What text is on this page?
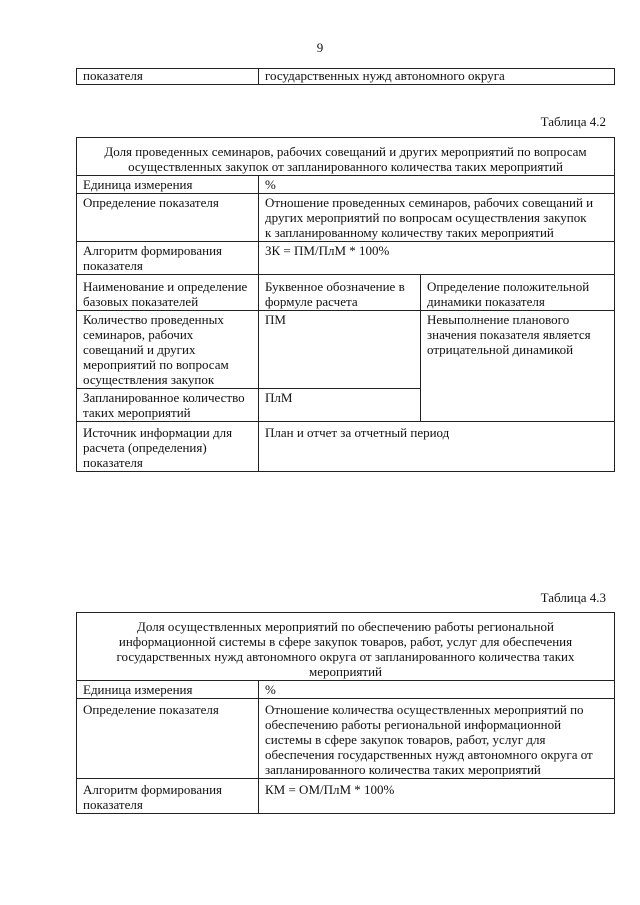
9
показателя	государственных нужд автономного округа
Таблица 4.2
Доля проведенных семинаров, рабочих совещаний и других мероприятий по вопросам осуществленных закупок от запланированного количества таких мероприятий		
Единица измерения	%	
Определение показателя	Отношение проведенных семинаров, рабочих совещаний и других мероприятий по вопросам осуществления закупок к запланированному количеству таких мероприятий	
Алгоритм формирования показателя	ЗК = ПМ/ПлМ * 100%	
Наименование и определение базовых показателей	Буквенное обозначение в формуле расчета	Определение положительной динамики показателя
Количество проведенных семинаров, рабочих совещаний и других мероприятий по вопросам осуществления закупок	ПМ	Невыполнение планового значения показателя является отрицательной динамикой
Запланированное количество таких мероприятий	ПлМ	
Источник информации для расчета (определения) показателя	План и отчет за отчетный период	
Таблица 4.3
Доля осуществленных мероприятий по обеспечению работы региональной информационной системы в сфере закупок товаров, работ, услуг для обеспечения государственных нужд автономного округа от запланированного количества таких мероприятий	
Единица измерения	%
Определение показателя	Отношение количества осуществленных мероприятий по обеспечению работы региональной информационной системы в сфере закупок товаров, работ, услуг для обеспечения государственных нужд автономного округа от запланированного количества таких мероприятий
Алгоритм формирования показателя	КМ = ОМ/ПлМ * 100%
